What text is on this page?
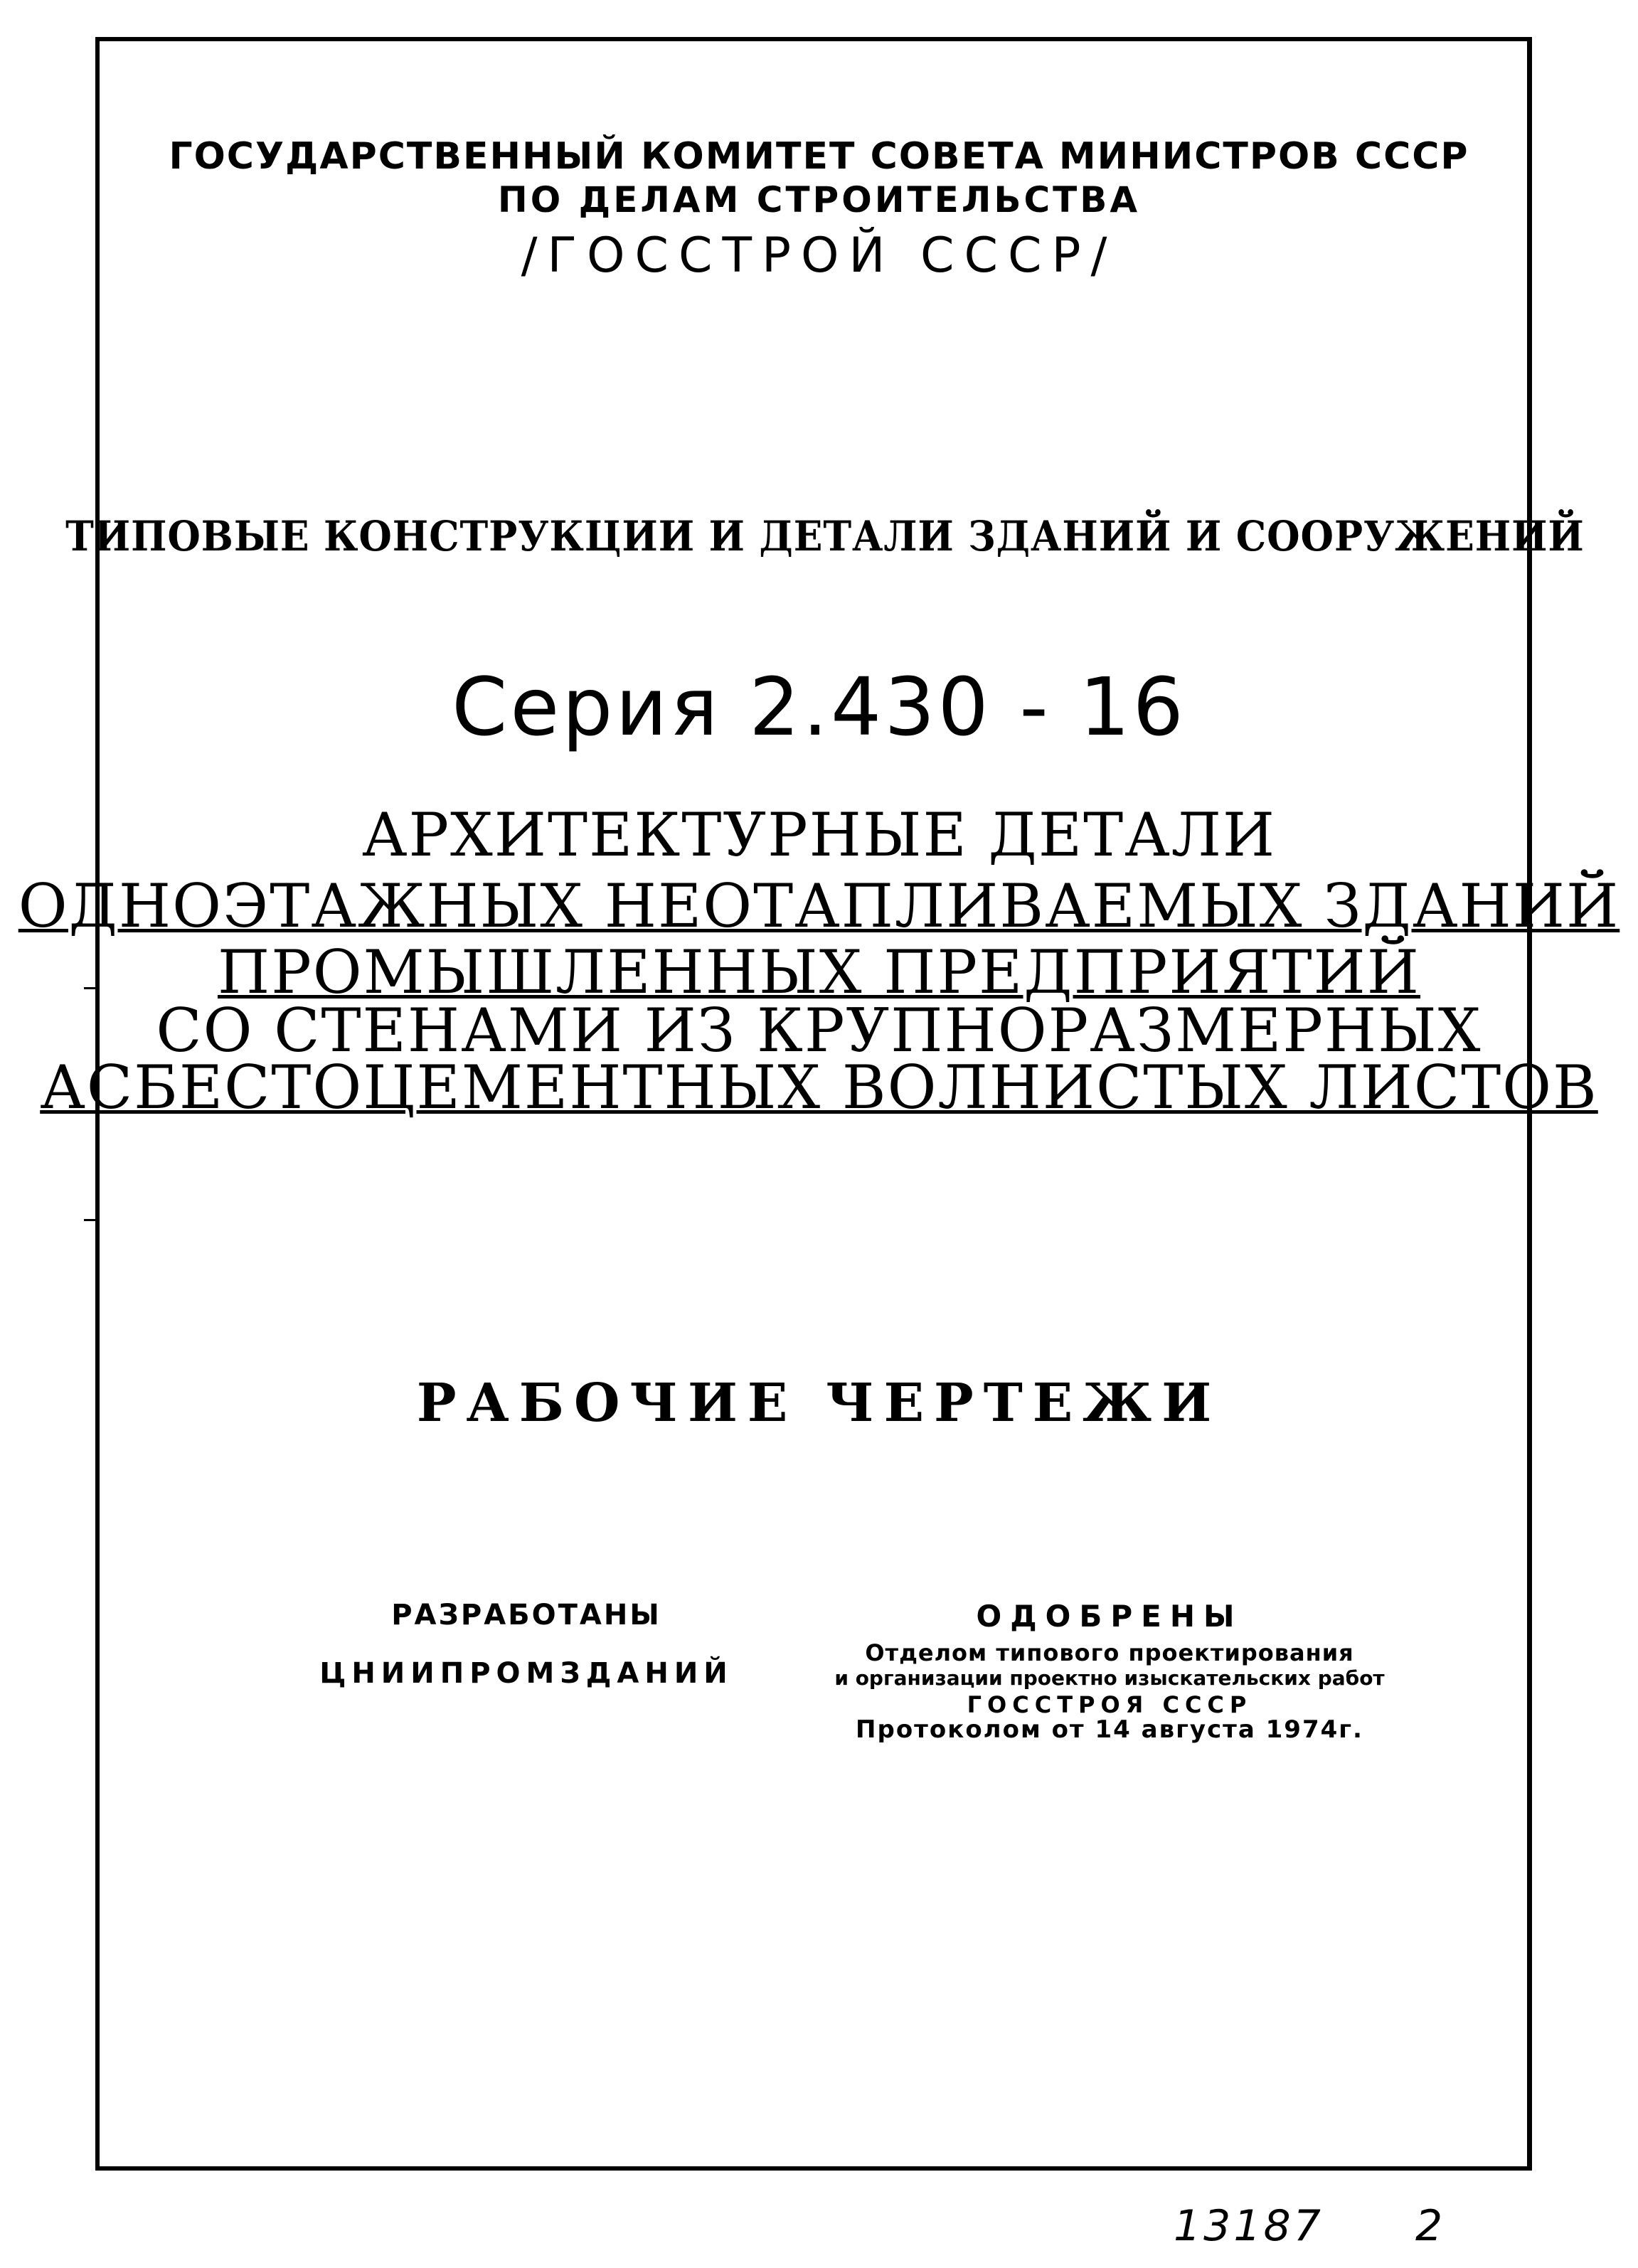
ГОСУДАРСТВЕННЫЙ КОМИТЕТ СОВЕТА МИНИСТРОВ СССР
ПО ДЕЛАМ СТРОИТЕЛЬСТВА
/ГОССТРОЙ СССР/
ТИПОВЫЕ КОНСТРУКЦИИ И ДЕТАЛИ ЗДАНИЙ И СООРУЖЕНИЙ
Серия 2.430 - 16
АРХИТЕКТУРНЫЕ ДЕТАЛИ
ОДНОЭТАЖНЫХ НЕОТАПЛИВАЕМЫХ ЗДАНИЙ
ПРОМЫШЛЕННЫХ ПРЕДПРИЯТИЙ
СО СТЕНАМИ ИЗ КРУПНОРАЗМЕРНЫХ
АСБЕСТОЦЕМЕНТНЫХ ВОЛНИСТЫХ ЛИСТОВ
РАБОЧИЕ ЧЕРТЕЖИ
РАЗРАБОТАНЫ
ЦНИИПРОМЗДАНИЙ
ОДОБРЕНЫ
Отделом типового проектирования
и организации проектно изыскательских работ
ГОССТРОЯ СССР
Протоколом от 14 августа 1974г.
13187 2
